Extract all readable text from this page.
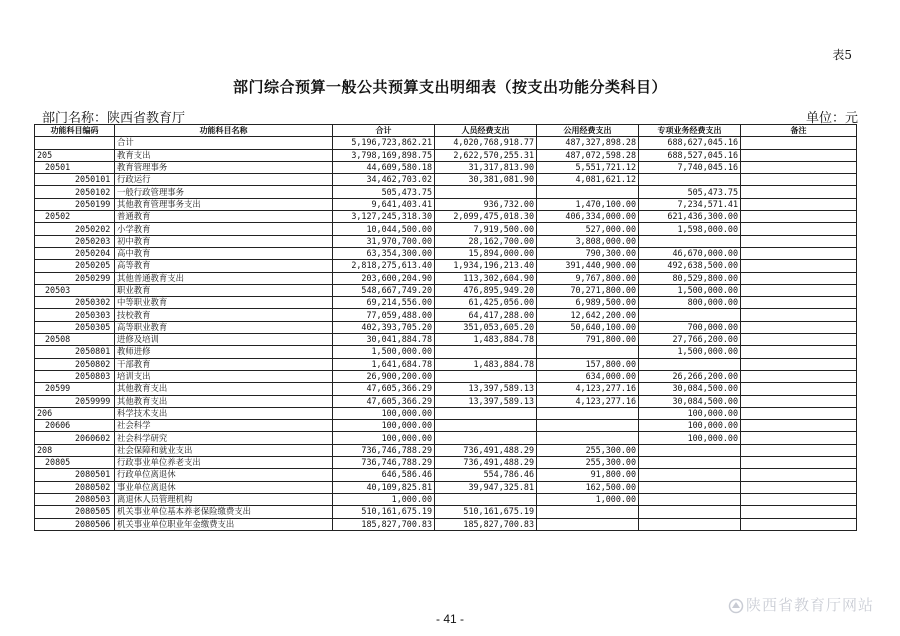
表5
部门综合预算一般公共预算支出明细表（按支出功能分类科目）
部门名称：陕西省教育厅	单位：元
功能科目编码	功能科目名称	合计	人员经费支出	公用经费支出	专项业务经费支出	备注
	合计	5,196,723,862.21	4,020,768,918.77	487,327,898.28	688,627,045.16	
205	教育支出	3,798,169,898.75	2,622,570,255.31	487,072,598.28	688,527,045.16	
20501	教育管理事务	44,609,580.18	31,317,813.90	5,551,721.12	7,740,045.16	
2050101	行政运行	34,462,703.02	30,381,081.90	4,081,621.12		
2050102	一般行政管理事务	505,473.75			505,473.75	
2050199	其他教育管理事务支出	9,641,403.41	936,732.00	1,470,100.00	7,234,571.41	
20502	普通教育	3,127,245,318.30	2,099,475,018.30	406,334,000.00	621,436,300.00	
2050202	小学教育	10,044,500.00	7,919,500.00	527,000.00	1,598,000.00	
2050203	初中教育	31,970,700.00	28,162,700.00	3,808,000.00		
2050204	高中教育	63,354,300.00	15,894,000.00	790,300.00	46,670,000.00	
2050205	高等教育	2,818,275,613.40	1,934,196,213.40	391,440,900.00	492,638,500.00	
2050299	其他普通教育支出	203,600,204.90	113,302,604.90	9,767,800.00	80,529,800.00	
20503	职业教育	548,667,749.20	476,895,949.20	70,271,800.00	1,500,000.00	
2050302	中等职业教育	69,214,556.00	61,425,056.00	6,989,500.00	800,000.00	
2050303	技校教育	77,059,488.00	64,417,288.00	12,642,200.00		
2050305	高等职业教育	402,393,705.20	351,053,605.20	50,640,100.00	700,000.00	
20508	进修及培训	30,041,884.78	1,483,884.78	791,800.00	27,766,200.00	
2050801	教师进修	1,500,000.00			1,500,000.00	
2050802	干部教育	1,641,684.78	1,483,884.78	157,800.00		
2050803	培训支出	26,900,200.00		634,000.00	26,266,200.00	
20599	其他教育支出	47,605,366.29	13,397,589.13	4,123,277.16	30,084,500.00	
2059999	其他教育支出	47,605,366.29	13,397,589.13	4,123,277.16	30,084,500.00	
206	科学技术支出	100,000.00			100,000.00	
20606	社会科学	100,000.00			100,000.00	
2060602	社会科学研究	100,000.00			100,000.00	
208	社会保障和就业支出	736,746,788.29	736,491,488.29	255,300.00		
20805	行政事业单位养老支出	736,746,788.29	736,491,488.29	255,300.00		
2080501	行政单位离退休	646,586.46	554,786.46	91,800.00		
2080502	事业单位离退休	40,109,825.81	39,947,325.81	162,500.00		
2080503	离退休人员管理机构	1,000.00		1,000.00		
2080505	机关事业单位基本养老保险缴费支出	510,161,675.19	510,161,675.19			
2080506	机关事业单位职业年金缴费支出	185,827,700.83	185,827,700.83			
陕西省教育厅网站
- 41 -
